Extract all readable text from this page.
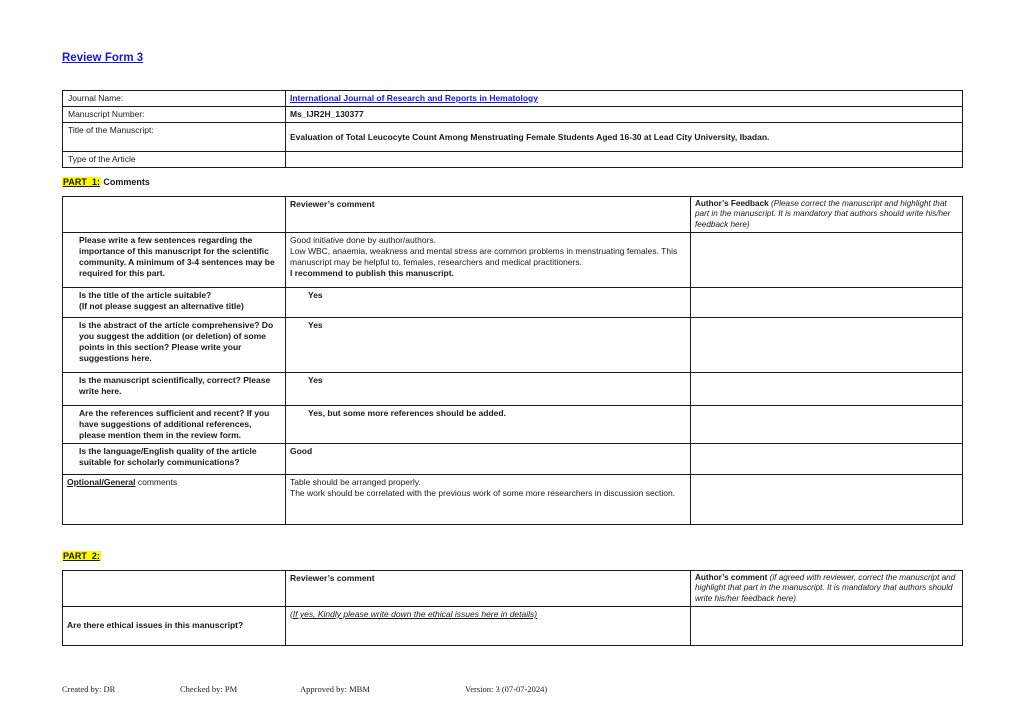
Review Form 3
Journal Name:	International Journal of Research and Reports in Hematology
Manuscript Number:	Ms_IJR2H_130377
Title of the Manuscript:	Evaluation of Total Leucocyte Count Among Menstruating Female Students Aged 16-30 at Lead City University, Ibadan.
Type of the Article	
PART  1: Comments
	Reviewer’s comment	Author’s Feedback (Please correct the manuscript and highlight that part in the manuscript. It is mandatory that authors should write his/her feedback here)
Please write a few sentences regarding the importance of this manuscript for the scientific community. A minimum of 3-4 sentences may be required for this part.	Good initiative done by author/authors.
Low WBC, anaemia, weakness and mental stress are common problems in menstruating females. This manuscript may be helpful to, females, researchers and medical practitioners.
I recommend to publish this manuscript.	

Is the title of the article suitable?
(If not please suggest an alternative title)	Yes	
Is the abstract of the article comprehensive? Do you suggest the addition (or deletion) of some points in this section? Please write your suggestions here.	Yes	
Is the manuscript scientifically, correct? Please write here.	Yes	
Are the references sufficient and recent? If you have suggestions of additional references, please mention them in the review form.	Yes, but some more references should be added.	
Is the language/English quality of the article suitable for scholarly communications?	Good	
Optional/General comments	Table should be arranged properly.
The work should be correlated with the previous work of some more researchers in discussion section.	

PART  2:
	Reviewer’s comment	Author’s comment (if agreed with reviewer, correct the manuscript and highlight that part in the manuscript. It is mandatory that authors should write his/her feedback here)
Are there ethical issues in this manuscript?	(If yes, Kindly please write down the ethical issues here in details)	
Created by: DR	Checked by: PM	Approved by: MBM	Version: 3 (07-07-2024)
